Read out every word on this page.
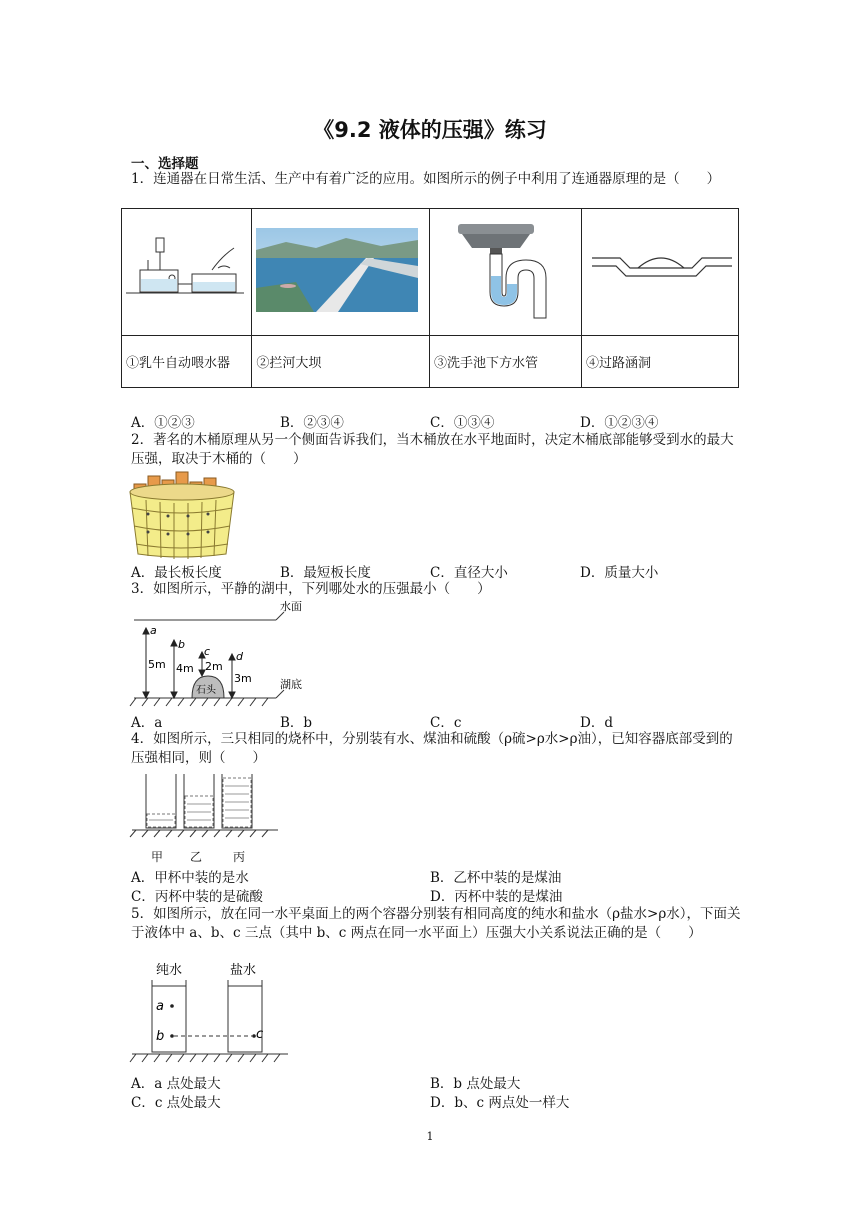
《9.2 液体的压强》练习
一、选择题
1．连通器在日常生活、生产中有着广泛的应用。如图所示的例子中利用了连通器原理的是（　　）

①乳牛自动喂水器	②拦河大坝	③洗手池下方水管	④过路涵洞
A．①②③	B．②③④	C．①③④	D．①②③④
2．著名的木桶原理从另一个侧面告诉我们，当木桶放在水平地面时，决定木桶底部能够受到水的最大压强，取决于木桶的（　　）
A．最长板长度	B．最短板长度	C．直径大小	D．质量大小
3．如图所示，平静的湖中，下列哪处水的压强最小（　　）
水面
湖底
石头
a
b
c d
5m 4m 2m
3m
A．a	B．b	C．c	D．d
4．如图所示，三只相同的烧杯中，分别装有水、煤油和硫酸（ρ硫>ρ水>ρ油），已知容器底部受到的压强相同，则（　　）
甲 乙	丙
A．甲杯中装的是水	B．乙杯中装的是煤油
C．丙杯中装的是硫酸	D．丙杯中装的是煤油
5．如图所示，放在同一水平桌面上的两个容器分别装有相同高度的纯水和盐水（ρ盐水>ρ水），下面关于液体中 a、b、c 三点（其中 b、c 两点在同一水平面上）压强大小关系说法正确的是（　　）
纯水	盐水
a
b	c
A．a 点处最大	B．b 点处最大
C．c 点处最大	D．b、c 两点处一样大
1
